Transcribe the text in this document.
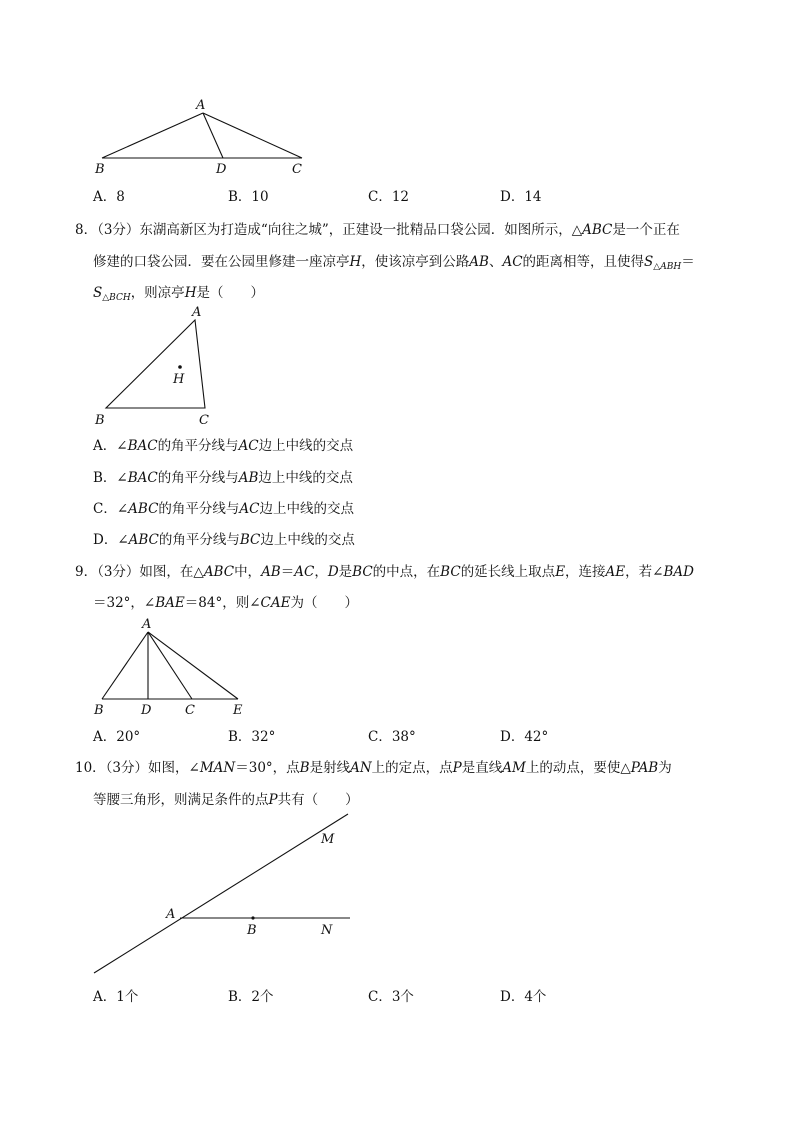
A
B	D	C
A．8	B．10	C．12	D．14
8．（3分）东湖高新区为打造成“向往之城”，正建设一批精品口袋公园．如图所示，△ABC是一个正在
修建的口袋公园．要在公园里修建一座凉亭H，使该凉亭到公路AB、AC的距离相等，且使得$S_{\triangle ABH}=$
$S_{\triangle BCH}$，则凉亭H是（　　）
A
H
B	C
A．∠BAC的角平分线与AC边上中线的交点
B．∠BAC的角平分线与AB边上中线的交点
C．∠ABC的角平分线与AC边上中线的交点
D．∠ABC的角平分线与BC边上中线的交点
9．（3分）如图，在△ABC中，AB＝AC，D是BC的中点，在BC的延长线上取点E，连接AE，若∠BAD
＝32°，∠BAE＝84°，则∠CAE为（　　）
A
B	D	C	E
A．20°	B．32°	C．38°	D．42°
10．（3分）如图，∠MAN＝30°，点B是射线AN上的定点，点P是直线AM上的动点，要使△PAB为
等腰三角形，则满足条件的点P共有（　　）
M
A
B	N
A．1个	B．2个	C．3个	D．4个
